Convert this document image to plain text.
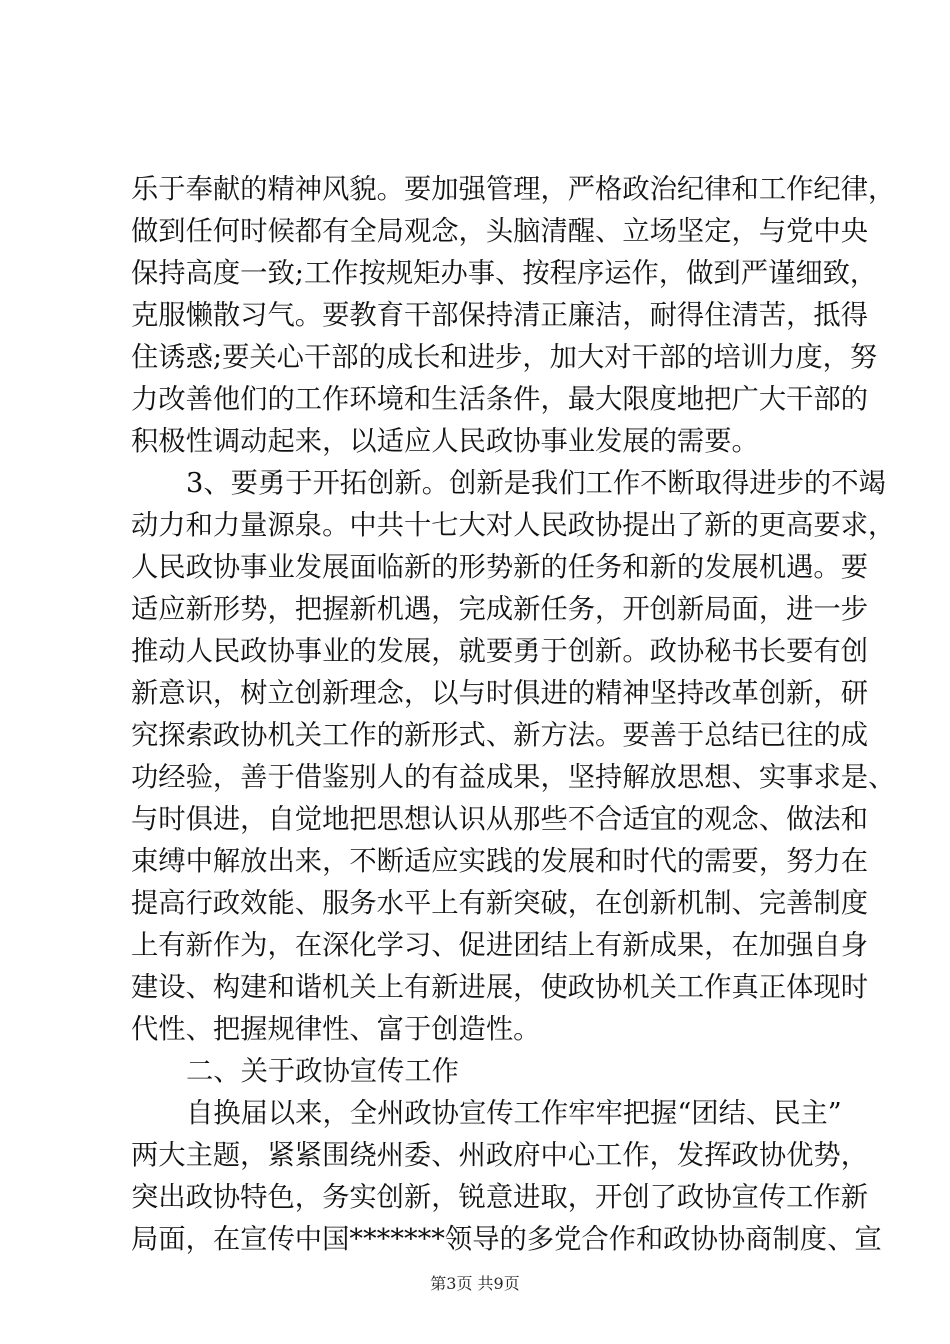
乐于奉献的精神风貌。要加强管理，严格政治纪律和工作纪律，
做到任何时候都有全局观念，头脑清醒、立场坚定，与党中央
保持高度一致;工作按规矩办事、按程序运作，做到严谨细致，
克服懒散习气。要教育干部保持清正廉洁，耐得住清苦，抵得
住诱惑;要关心干部的成长和进步，加大对干部的培训力度，努
力改善他们的工作环境和生活条件，最大限度地把广大干部的
积极性调动起来，以适应人民政协事业发展的需要。
3、要勇于开拓创新。创新是我们工作不断取得进步的不竭
动力和力量源泉。中共十七大对人民政协提出了新的更高要求，
人民政协事业发展面临新的形势新的任务和新的发展机遇。要
适应新形势，把握新机遇，完成新任务，开创新局面，进一步
推动人民政协事业的发展，就要勇于创新。政协秘书长要有创
新意识，树立创新理念，以与时俱进的精神坚持改革创新，研
究探索政协机关工作的新形式、新方法。要善于总结已往的成
功经验，善于借鉴别人的有益成果，坚持解放思想、实事求是、
与时俱进，自觉地把思想认识从那些不合适宜的观念、做法和
束缚中解放出来，不断适应实践的发展和时代的需要，努力在
提高行政效能、服务水平上有新突破，在创新机制、完善制度
上有新作为，在深化学习、促进团结上有新成果，在加强自身
建设、构建和谐机关上有新进展，使政协机关工作真正体现时
代性、把握规律性、富于创造性。
二、关于政协宣传工作
自换届以来，全州政协宣传工作牢牢把握“团结、民主”
两大主题，紧紧围绕州委、州政府中心工作，发挥政协优势，
突出政协特色，务实创新，锐意进取，开创了政协宣传工作新
局面，在宣传中国*******领导的多党合作和政协协商制度、宣
第3页 共9页
